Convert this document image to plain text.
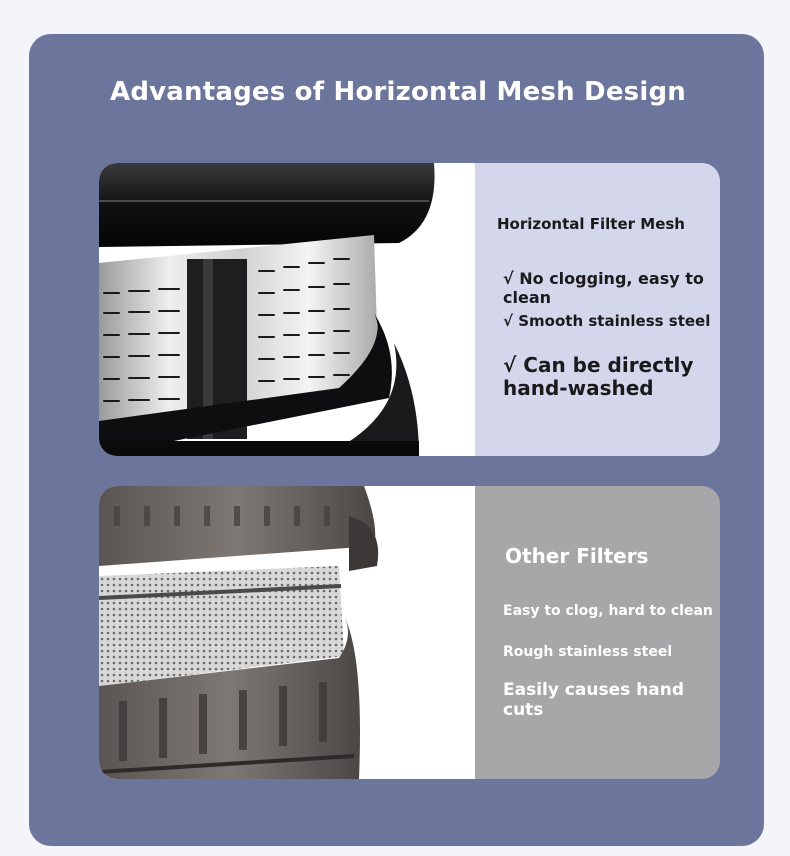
Advantages of Horizontal Mesh Design
Horizontal Filter Mesh
√ No clogging, easy to clean
√ Smooth stainless steel
√ Can be directly hand-washed
Other Filters
Easy to clog, hard to clean
Rough stainless steel
Easily causes hand cuts
